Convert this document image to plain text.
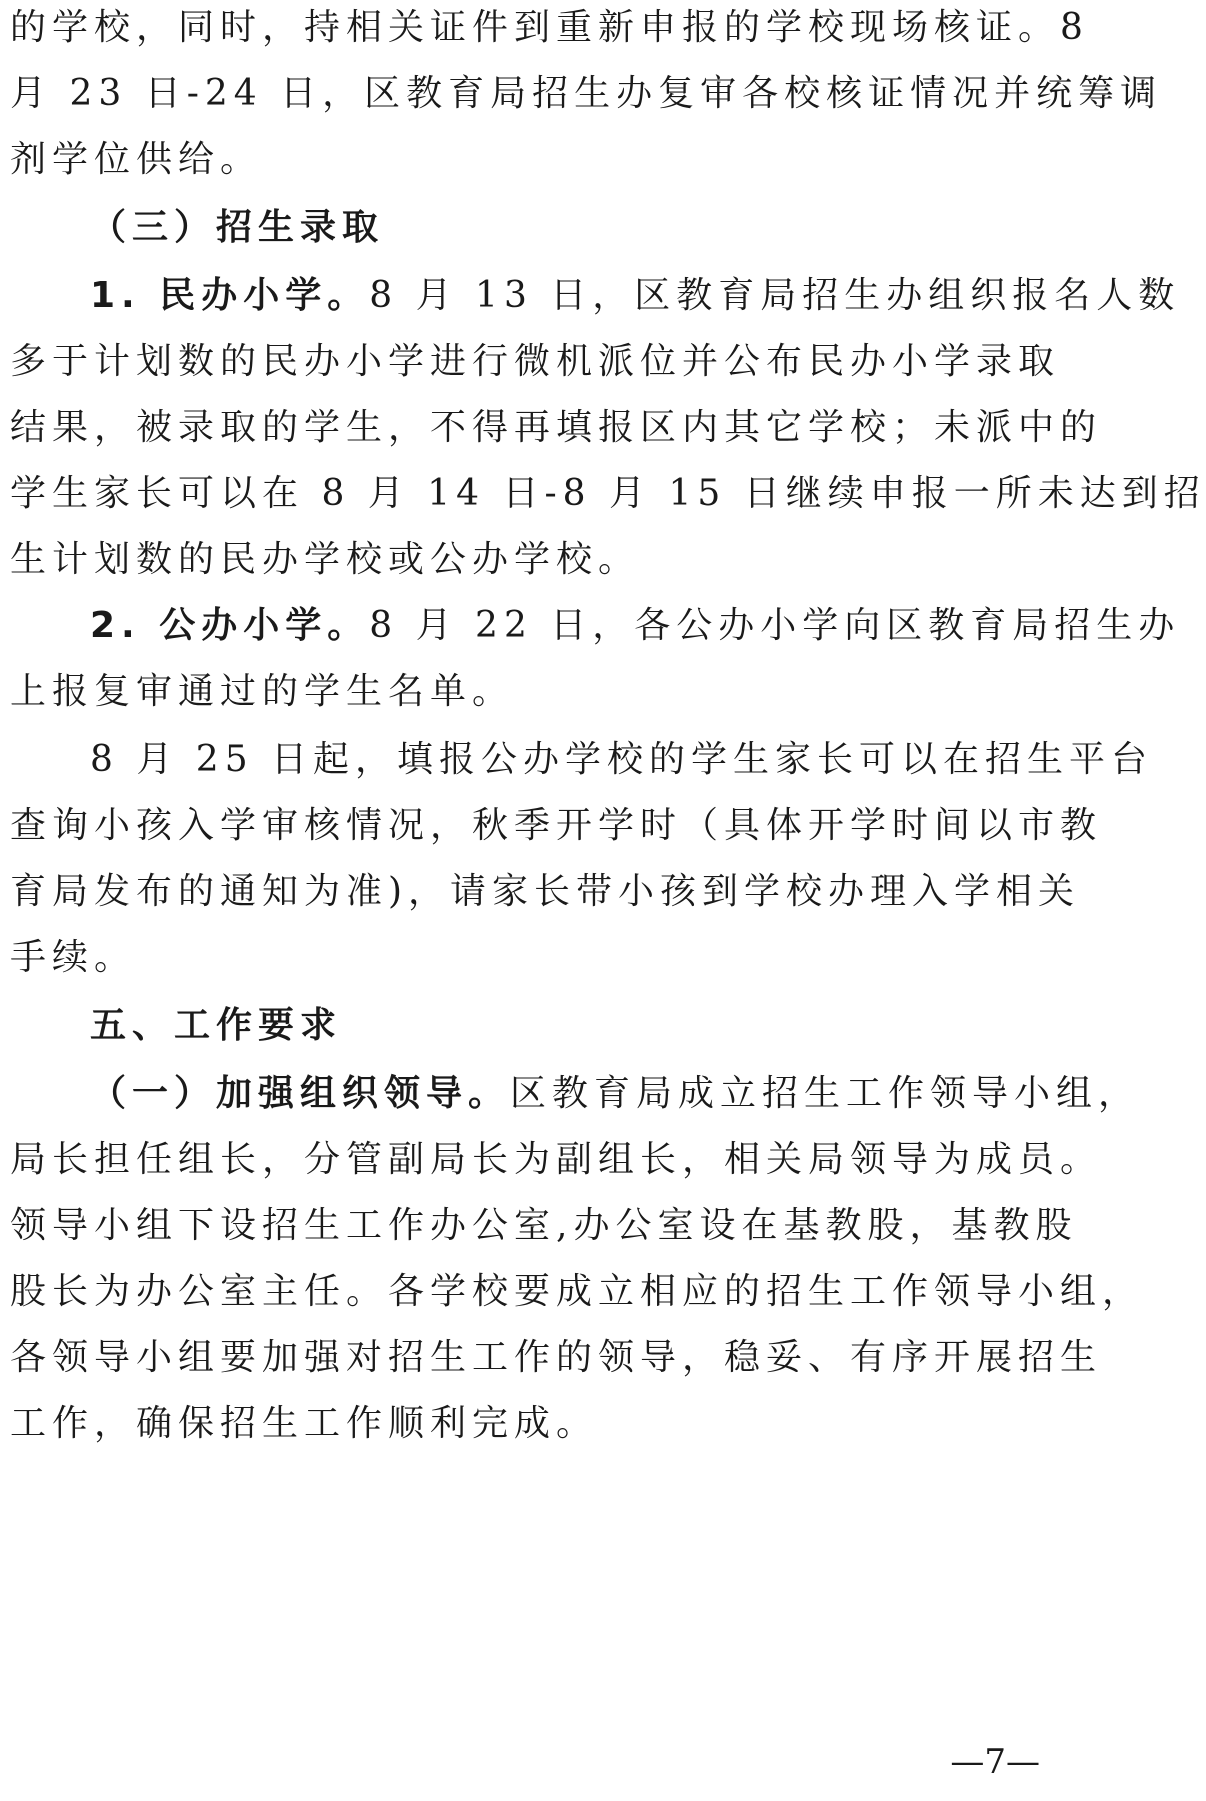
的学校，同时，持相关证件到重新申报的学校现场核证。8
月 23 日-24 日，区教育局招生办复审各校核证情况并统筹调
剂学位供给。
（三）招生录取
1. 民办小学。8 月 13 日，区教育局招生办组织报名人数
多于计划数的民办小学进行微机派位并公布民办小学录取
结果，被录取的学生，不得再填报区内其它学校；未派中的
学生家长可以在 8 月 14 日-8 月 15 日继续申报一所未达到招
生计划数的民办学校或公办学校。
2. 公办小学。8 月 22 日，各公办小学向区教育局招生办
上报复审通过的学生名单。
8 月 25 日起，填报公办学校的学生家长可以在招生平台
查询小孩入学审核情况，秋季开学时（具体开学时间以市教
育局发布的通知为准)，请家长带小孩到学校办理入学相关
手续。
五、工作要求
（一）加强组织领导。区教育局成立招生工作领导小组，
局长担任组长，分管副局长为副组长，相关局领导为成员。
领导小组下设招生工作办公室,办公室设在基教股，基教股
股长为办公室主任。各学校要成立相应的招生工作领导小组，
各领导小组要加强对招生工作的领导，稳妥、有序开展招生
工作，确保招生工作顺利完成。
—7—
